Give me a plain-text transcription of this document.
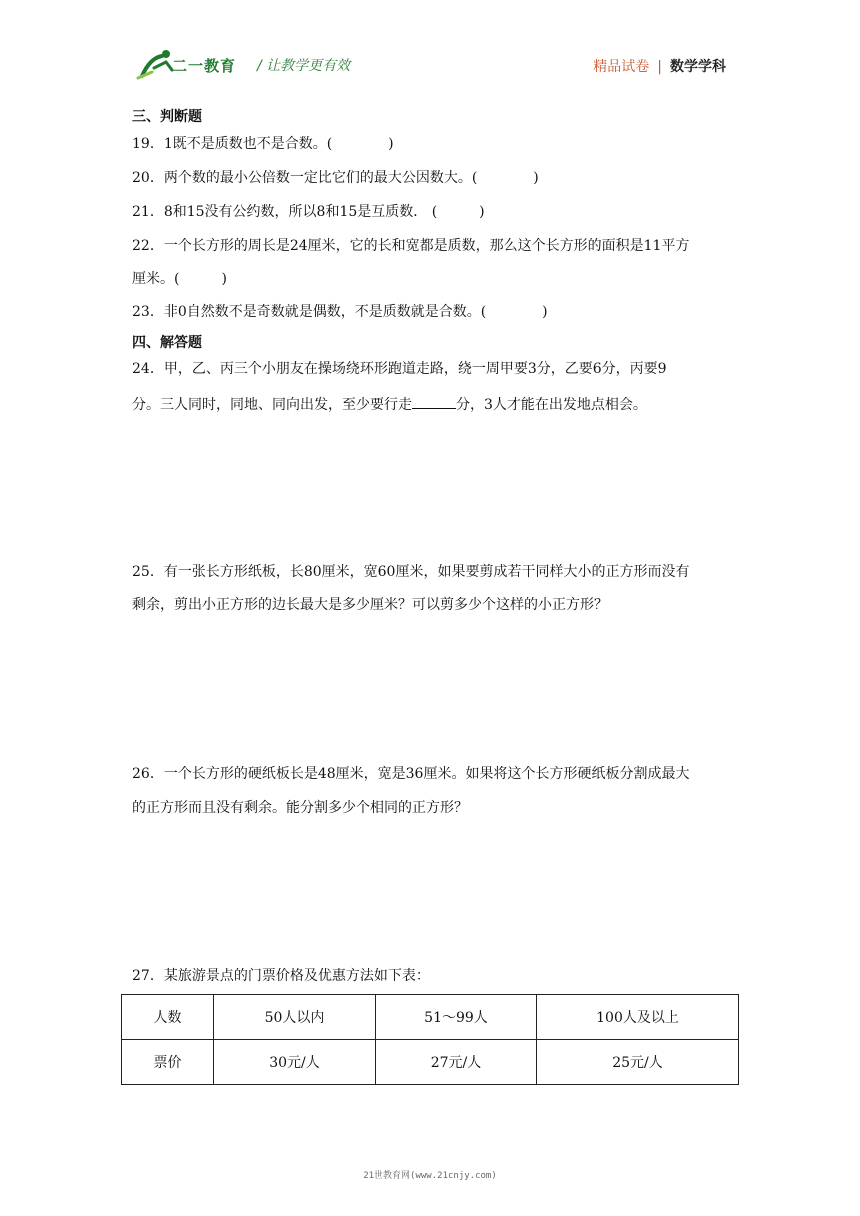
二一教育 / 让教学更有效	精品试卷 | 数学学科
三、判断题
19．1既不是质数也不是合数。(　　　　)
20．两个数的最小公倍数一定比它们的最大公因数大。(　　　　)
21．8和15没有公约数，所以8和15是互质数． (　　　)
22．一个长方形的周长是24厘米，它的长和宽都是质数，那么这个长方形的面积是11平方
厘米。(　　　)
23．非0自然数不是奇数就是偶数，不是质数就是合数。(　　　　)
四、解答题
24．甲，乙、丙三个小朋友在操场绕环形跑道走路，绕一周甲要3分，乙要6分，丙要9
分。三人同时，同地、同向出发，至少要行走	分，3人才能在出发地点相会。
25．有一张长方形纸板，长80厘米，宽60厘米，如果要剪成若干同样大小的正方形而没有
剩余，剪出小正方形的边长最大是多少厘米？可以剪多少个这样的小正方形？
26．一个长方形的硬纸板长是48厘米，宽是36厘米。如果将这个长方形硬纸板分割成最大
的正方形而且没有剩余。能分割多少个相同的正方形？
27．某旅游景点的门票价格及优惠方法如下表：
人数	50人以内	51～99人	100人及以上
票价	30元/人	27元/人	25元/人
21世教育网(www.21cnjy.com)
